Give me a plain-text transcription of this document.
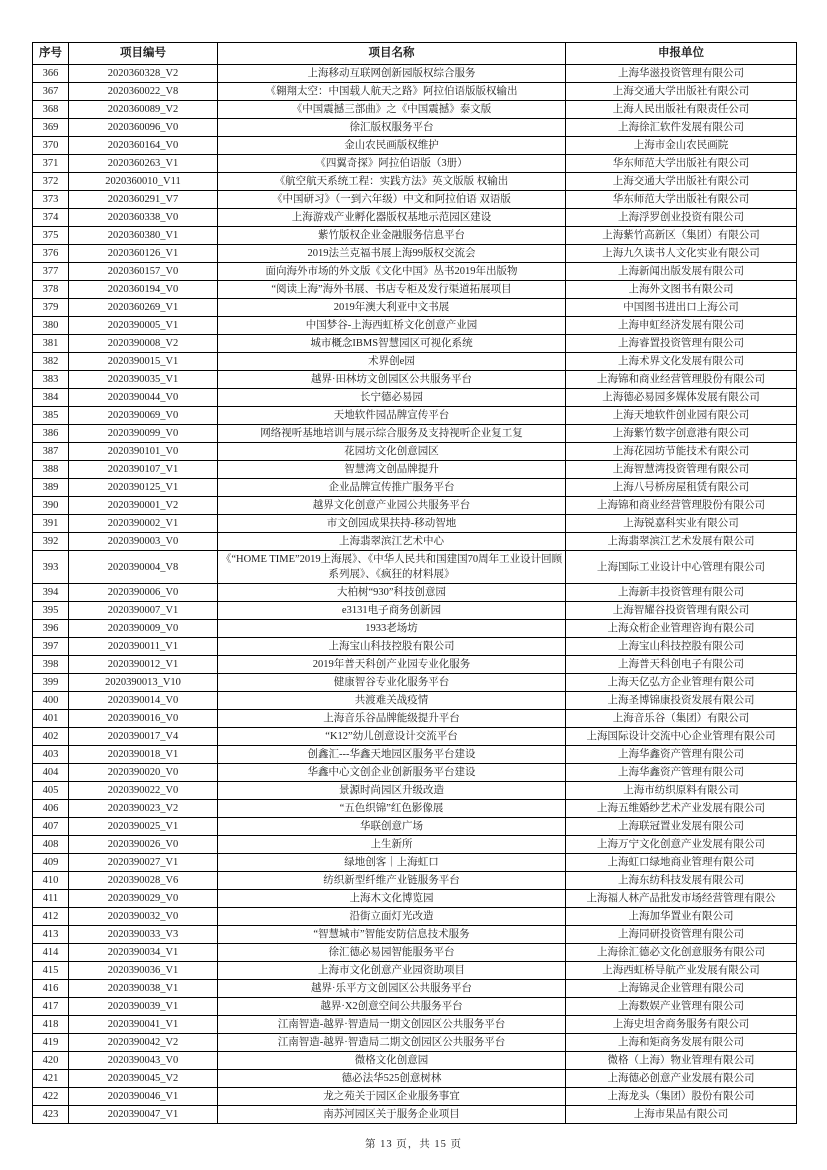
序号	项目编号	项目名称	申报单位
366	2020360328_V2	上海移动互联网创新园版权综合服务	上海华滋投资管理有限公司
367	2020360022_V8	《翱翔太空：中国载人航天之路》阿拉伯语版版权输出	上海交通大学出版社有限公司
368	2020360089_V2	《中国震撼三部曲》之《中国震撼》泰文版	上海人民出版社有限责任公司
369	2020360096_V0	徐汇版权服务平台	上海徐汇软件发展有限公司
370	2020360164_V0	金山农民画版权维护	上海市金山农民画院
371	2020360263_V1	《四翼奇探》阿拉伯语版（3册）	华东师范大学出版社有限公司
372	2020360010_V11	《航空航天系统工程：实践方法》英文版版 权输出	上海交通大学出版社有限公司
373	2020360291_V7	《中国研习》（一到六年级）中文和阿拉伯语 双语版	华东师范大学出版社有限公司
374	2020360338_V0	上海游戏产业孵化器版权基地示范园区建设	上海浮罗创业投资有限公司
375	2020360380_V1	紫竹版权企业金融服务信息平台	上海紫竹高新区（集团）有限公司
376	2020360126_V1	2019法兰克福书展上海99版权交流会	上海九久读书人文化实业有限公司
377	2020360157_V0	面向海外市场的外文版《文化中国》丛书2019年出版物	上海新闻出版发展有限公司
378	2020360194_V0	“阅读上海”海外书展、书店专柜及发行渠道拓展项目	上海外文图书有限公司
379	2020360269_V1	2019年澳大利亚中文书展	中国图书进出口上海公司
380	2020390005_V1	中国梦谷-上海西虹桥文化创意产业园	上海申虹经济发展有限公司
381	2020390008_V2	城市概念IBMS智慧园区可视化系统	上海睿置投资管理有限公司
382	2020390015_V1	术界创e园	上海术界文化发展有限公司
383	2020390035_V1	越界·田林坊文创园区公共服务平台	上海锦和商业经营管理股份有限公司
384	2020390044_V0	长宁德必易园	上海德必易园多媒体发展有限公司
385	2020390069_V0	天地软件园品牌宣传平台	上海天地软件创业园有限公司
386	2020390099_V0	网络视听基地培训与展示综合服务及支持视听企业复工复	上海紫竹数字创意港有限公司
387	2020390101_V0	花园坊文化创意园区	上海花园坊节能技术有限公司
388	2020390107_V1	智慧湾文创品牌提升	上海智慧湾投资管理有限公司
389	2020390125_V1	企业品牌宣传推广服务平台	上海八号桥房屋租赁有限公司
390	2020390001_V2	越界文化创意产业园公共服务平台	上海锦和商业经营管理股份有限公司
391	2020390002_V1	市文创园成果扶持-移动智地	上海锐嘉科实业有限公司
392	2020390003_V0	上海翡翠滨江艺术中心	上海翡翠滨江艺术发展有限公司
393	2020390004_V8	《“HOME TIME”2019上海展》、《中华人民共和国建国70周年工业设计回顾系列展》、《疯狂的材料展》	上海国际工业设计中心管理有限公司
394	2020390006_V0	大柏树“930”科技创意园	上海新丰投资管理有限公司
395	2020390007_V1	e3131电子商务创新园	上海智耀谷投资管理有限公司
396	2020390009_V0	1933老场坊	上海众桁企业管理咨询有限公司
397	2020390011_V1	上海宝山科技控股有限公司	上海宝山科技控股有限公司
398	2020390012_V1	2019年普天科创产业园专业化服务	上海普天科创电子有限公司
399	2020390013_V10	健康智谷专业化服务平台	上海天亿弘方企业管理有限公司
400	2020390014_V0	共渡难关战疫情	上海圣博锦康投资发展有限公司
401	2020390016_V0	上海音乐谷品牌能级提升平台	上海音乐谷（集团）有限公司
402	2020390017_V4	“K12”幼儿创意设计交流平台	上海国际设计交流中心企业管理有限公司
403	2020390018_V1	创鑫汇---华鑫天地园区服务平台建设	上海华鑫资产管理有限公司
404	2020390020_V0	华鑫中心文创企业创新服务平台建设	上海华鑫资产管理有限公司
405	2020390022_V0	景源时尚园区升级改造	上海市纺织原料有限公司
406	2020390023_V2	“五色织锦”红色影像展	上海五维婚纱艺术产业发展有限公司
407	2020390025_V1	华联创意广场	上海联冠置业发展有限公司
408	2020390026_V0	上生新所	上海万宁文化创意产业发展有限公司
409	2020390027_V1	绿地创客｜上海虹口	上海虹口绿地商业管理有限公司
410	2020390028_V6	纺织新型纤维产业链服务平台	上海东纺科技发展有限公司
411	2020390029_V0	上海木文化博览园	上海福人林产品批发市场经营管理有限公
412	2020390032_V0	沿街立面灯光改造	上海加华置业有限公司
413	2020390033_V3	“智慧城市”智能安防信息技术服务	上海同研投资管理有限公司
414	2020390034_V1	徐汇德必易园智能服务平台	上海徐汇德必文化创意服务有限公司
415	2020390036_V1	上海市文化创意产业园资助项目	上海西虹桥导航产业发展有限公司
416	2020390038_V1	越界·乐平方文创园区公共服务平台	上海锦灵企业管理有限公司
417	2020390039_V1	越界·X2创意空间公共服务平台	上海数娱产业管理有限公司
418	2020390041_V1	江南智造-越界·智造局一期文创园区公共服务平台	上海史坦舍商务服务有限公司
419	2020390042_V2	江南智造-越界·智造局二期文创园区公共服务平台	上海和矩商务发展有限公司
420	2020390043_V0	微格文化创意园	微格（上海）物业管理有限公司
421	2020390045_V2	德必法华525创意树林	上海德必创意产业发展有限公司
422	2020390046_V1	龙之苑关于园区企业服务事宜	上海龙头（集团）股份有限公司
423	2020390047_V1	南苏河园区关于服务企业项目	上海市果品有限公司
第 13 页，共 15 页
